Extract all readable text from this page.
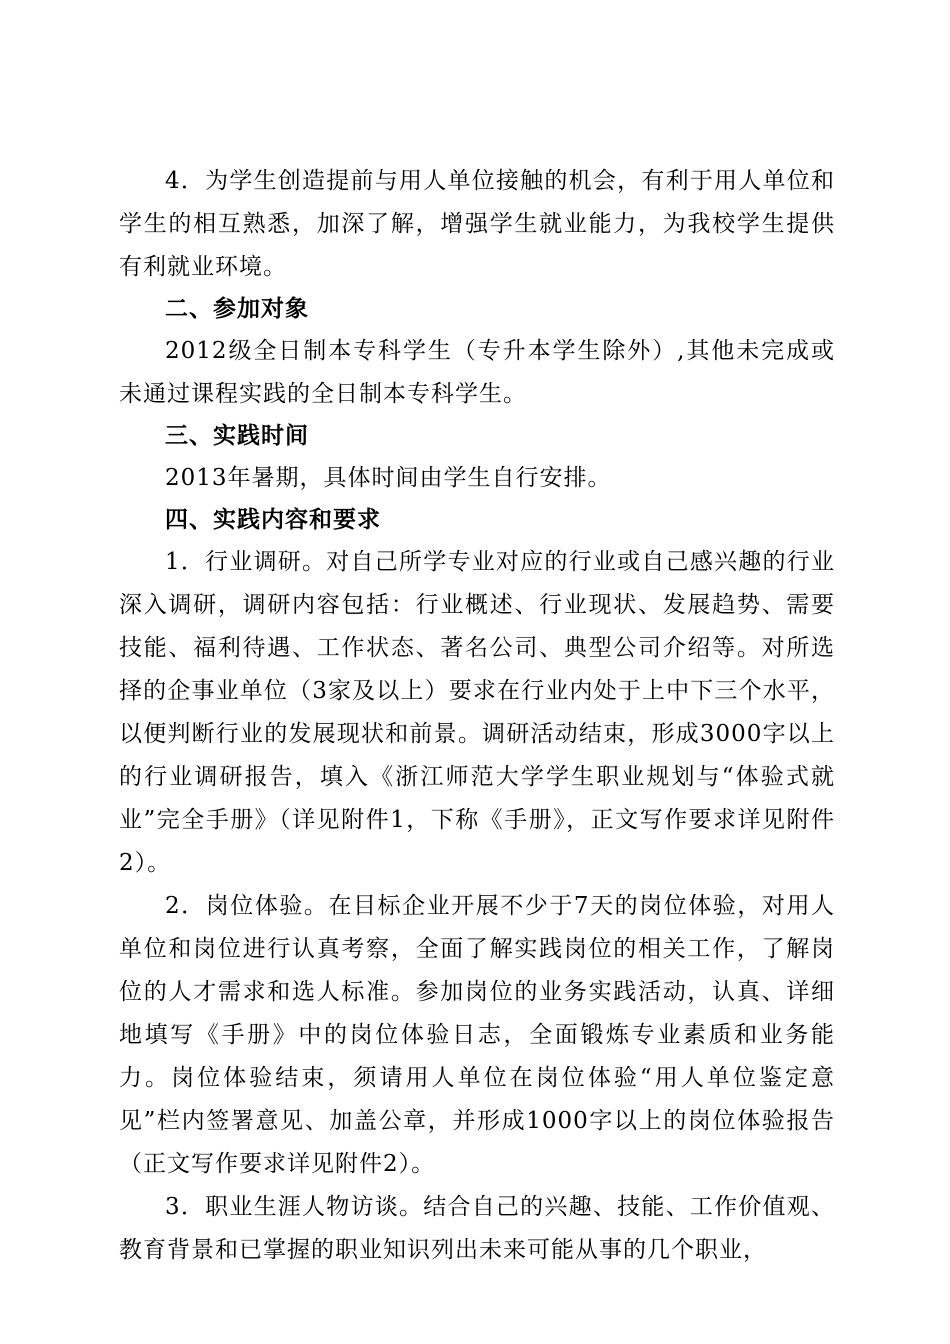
4．为学生创造提前与用人单位接触的机会，有利于用人单位和学生的相互熟悉，加深了解，增强学生就业能力，为我校学生提供有利就业环境。

二、参加对象

2012级全日制本专科学生（专升本学生除外）,其他未完成或未通过课程实践的全日制本专科学生。

三、实践时间

2013年暑期，具体时间由学生自行安排。

四、实践内容和要求

1．行业调研。对自己所学专业对应的行业或自己感兴趣的行业深入调研，调研内容包括：行业概述、行业现状、发展趋势、需要技能、福利待遇、工作状态、著名公司、典型公司介绍等。对所选择的企事业单位（3家及以上）要求在行业内处于上中下三个水平，以便判断行业的发展现状和前景。调研活动结束，形成3000字以上的行业调研报告，填入《浙江师范大学学生职业规划与“体验式就业”完全手册》（详见附件1，下称《手册》，正文写作要求详见附件2）。

2．岗位体验。在目标企业开展不少于7天的岗位体验，对用人单位和岗位进行认真考察，全面了解实践岗位的相关工作，了解岗位的人才需求和选人标准。参加岗位的业务实践活动，认真、详细地填写《手册》中的岗位体验日志，全面锻炼专业素质和业务能力。岗位体验结束，须请用人单位在岗位体验“用人单位鉴定意见”栏内签署意见、加盖公章，并形成1000字以上的岗位体验报告（正文写作要求详见附件2）。

3．职业生涯人物访谈。结合自己的兴趣、技能、工作价值观、教育背景和已掌握的职业知识列出未来可能从事的几个职业，
